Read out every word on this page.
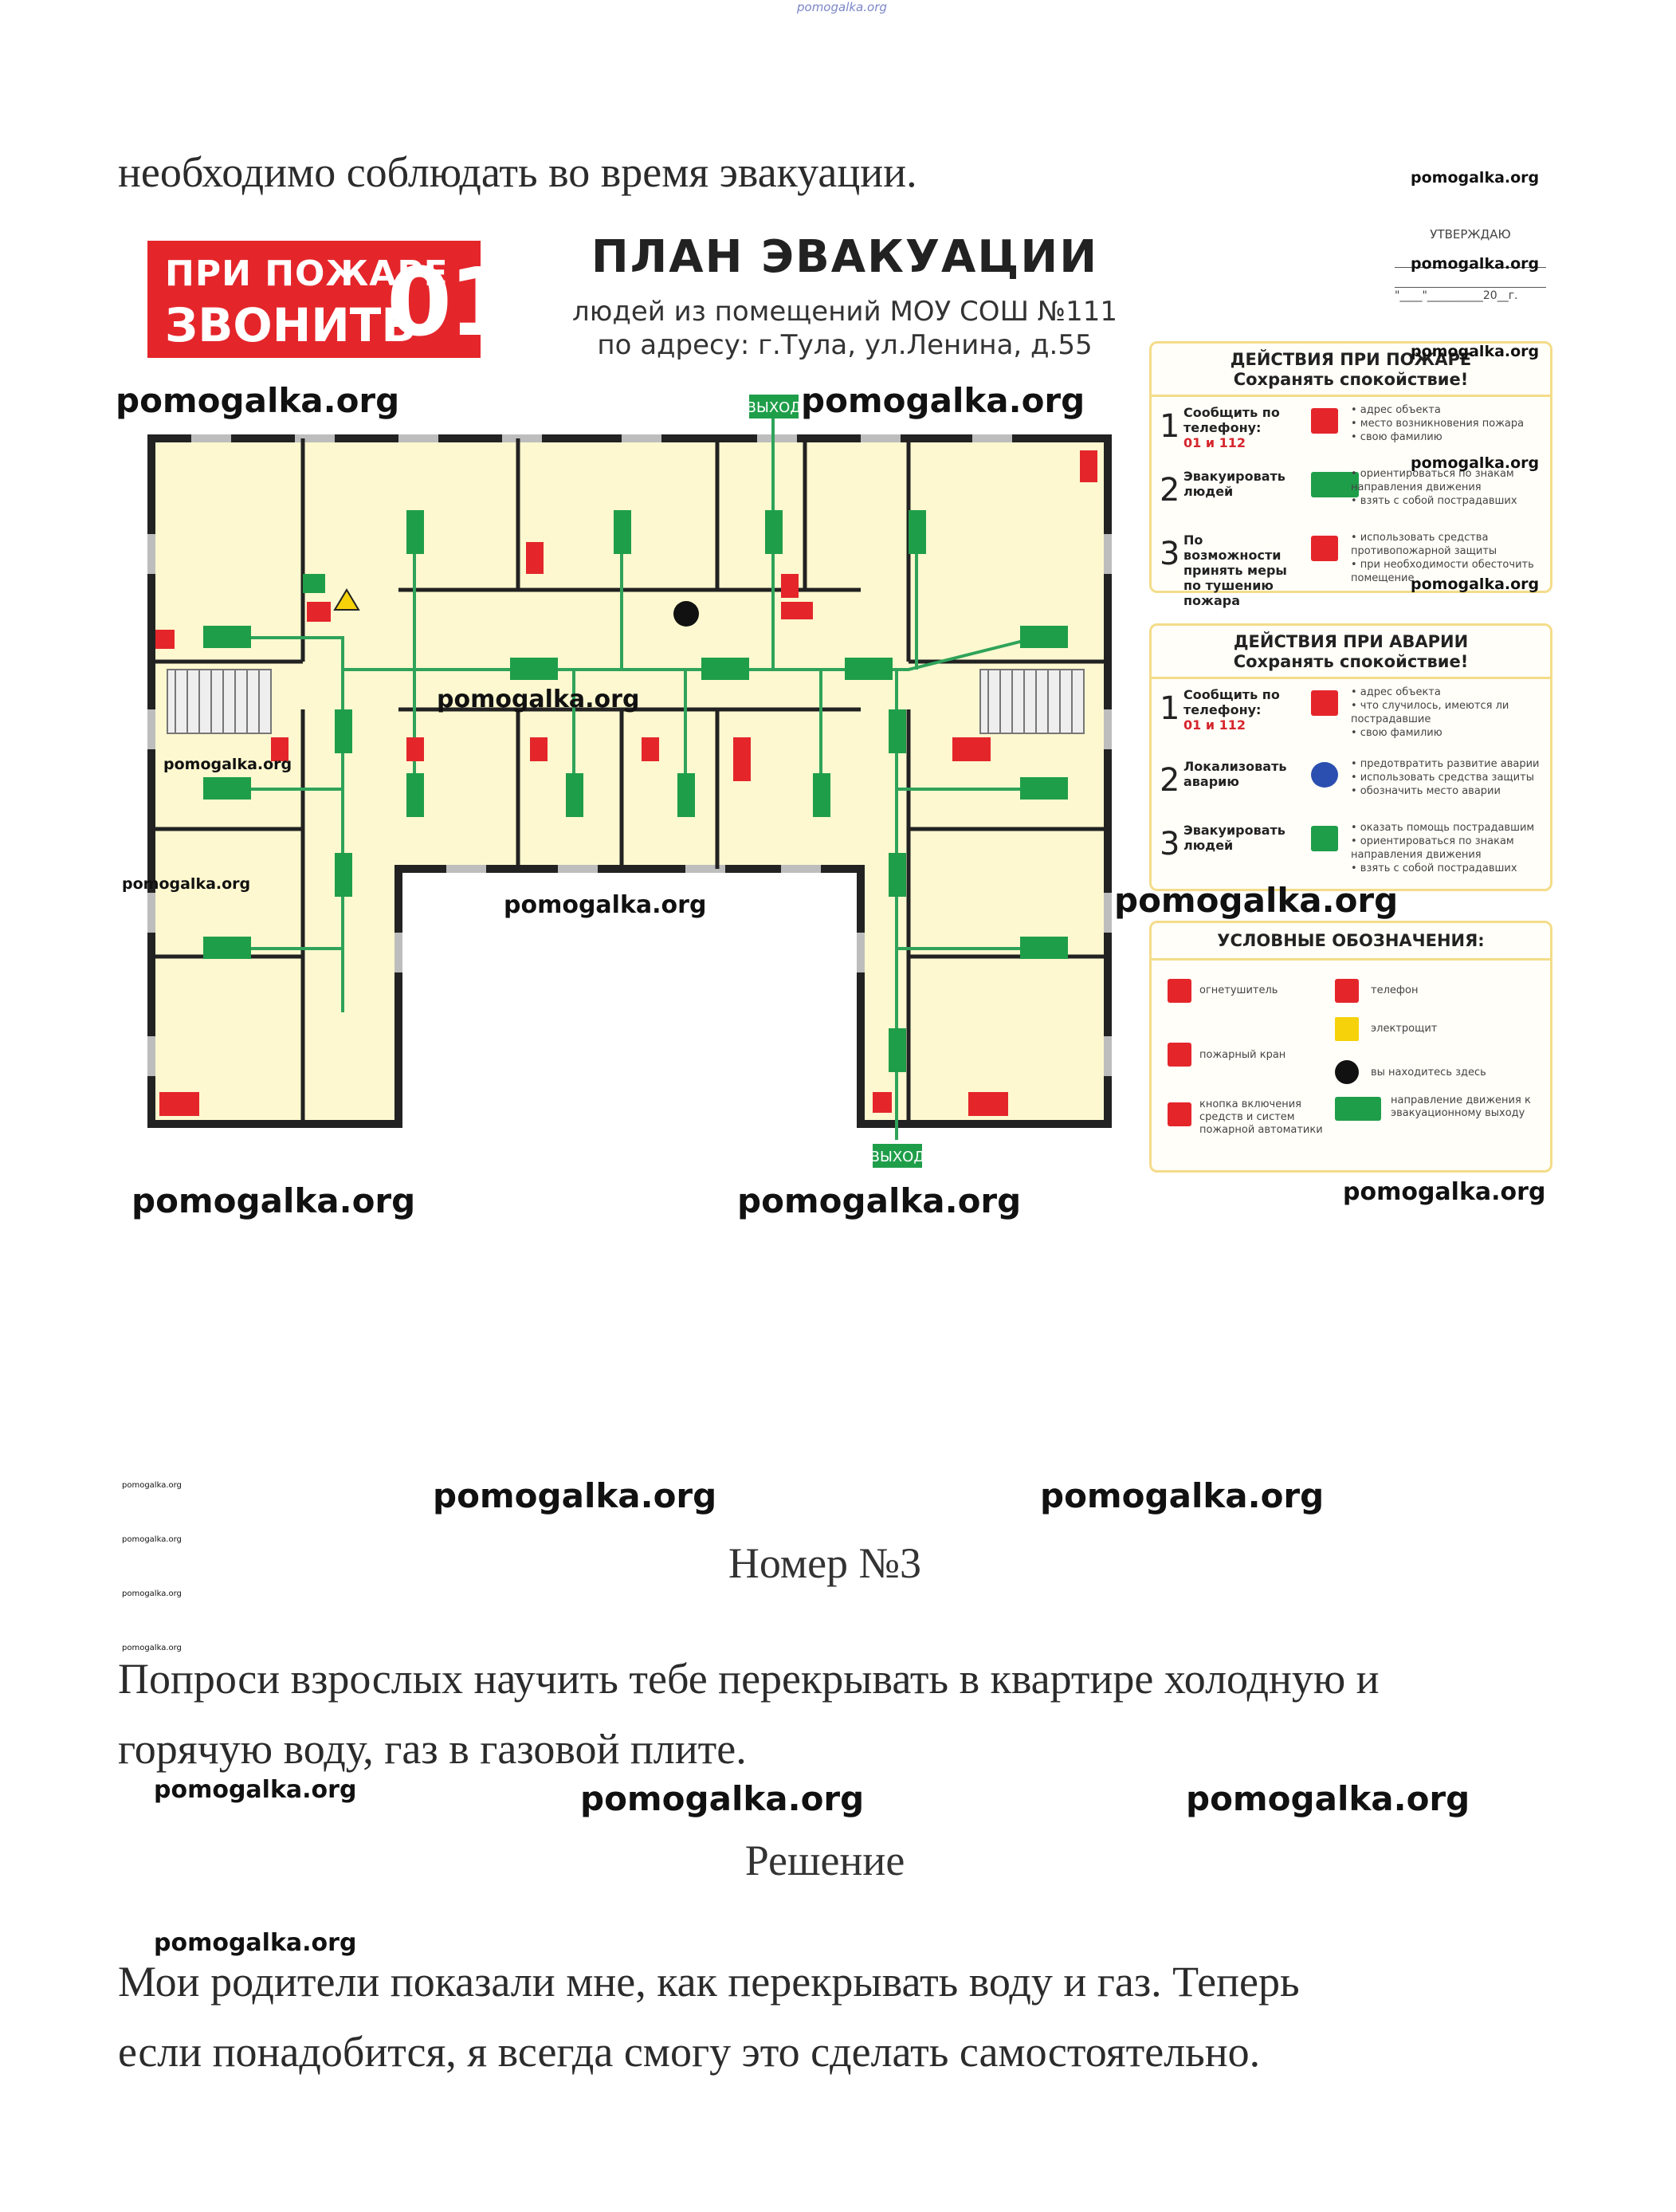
pomogalka.org
необходимо соблюдать во время эвакуации.
ПРИ ПОЖАРЕ
ЗВОНИТЬ
01	ПЛАН ЭВАКУАЦИИ
людей из помещений МОУ СОШ №111
по адресу: г.Тула, ул.Ленина, д.55
УТВЕРЖДАЮ
"____"__________20__г.
ВЫХОД
ВЫХОД
ДЕЙСТВИЯ ПРИ ПОЖАРЕ
Сохранять спокойствие!
1 Сообщить по телефону:
01 и 112
• адрес объекта
• место возникновения пожара
• свою фамилию
2 Эвакуировать людей
• ориентироваться по знакам направления движения
• взять с собой пострадавших
3 По возможности принять меры по тушению пожара
• использовать средства противопожарной защиты
• при необходимости обесточить помещение
ДЕЙСТВИЯ ПРИ АВАРИИ
Сохранять спокойствие!
1 Сообщить по телефону:
01 и 112
• адрес объекта
• что случилось, имеются ли пострадавшие
• свою фамилию
2 Локализовать аварию
• предотвратить развитие аварии
• использовать средства защиты
• обозначить место аварии
3 Эвакуировать людей
• оказать помощь пострадавшим
• ориентироваться по знакам направления движения
• взять с собой пострадавших
УСЛОВНЫЕ ОБОЗНАЧЕНИЯ:
огнетушитель	телефон
электрощит
пожарный кран
вы находитесь здесь
кнопка включения средств и систем пожарной автоматики
направление движения к эвакуационному выходу
pomogalka.org
pomogalka.org
pomogalka.org
pomogalka.org
pomogalka.org
pomogalka.org	pomogalka.org
pomogalka.org
pomogalka.org
pomogalka.org
pomogalka.org	pomogalka.org
pomogalka.org	pomogalka.org	pomogalka.org
pomogalka.org
pomogalka.org
pomogalka.org
pomogalka.org
pomogalka.org	pomogalka.org
pomogalka.org	pomogalka.org	pomogalka.org
pomogalka.org
Номер №3
Попроси взрослых научить тебе перекрывать в квартире холодную и
горячую воду, газ в газовой плите.
Решение
Мои родители показали мне, как перекрывать воду и газ. Теперь
если понадобится, я всегда смогу это сделать самостоятельно.
